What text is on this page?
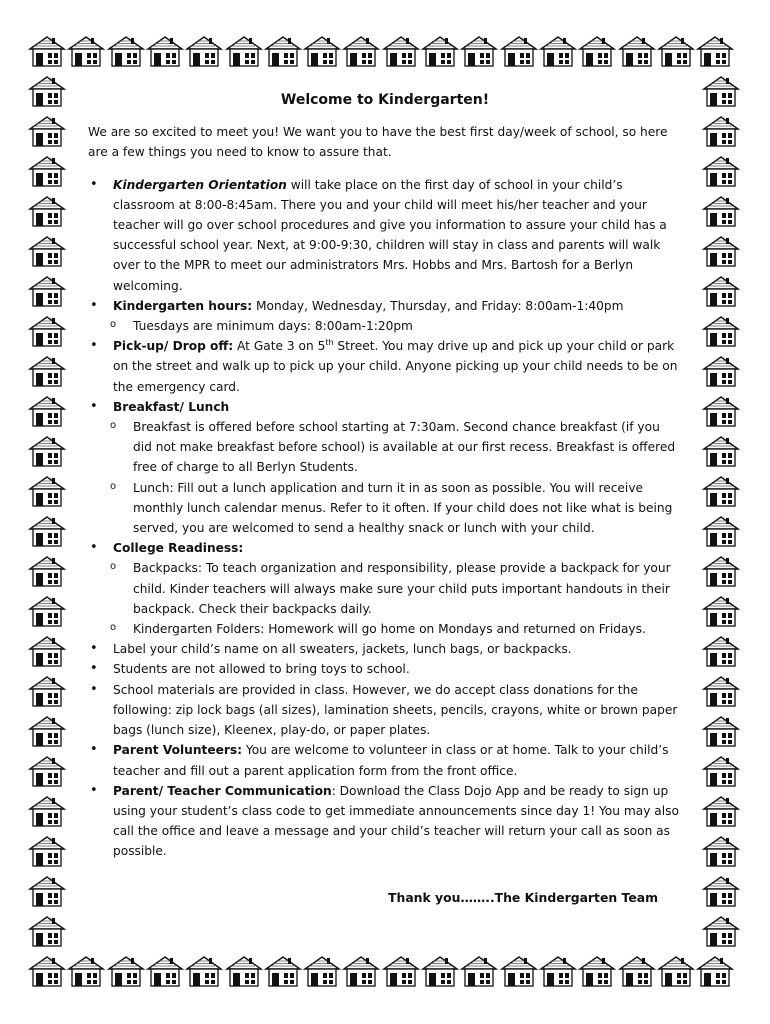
Welcome to Kindergarten!
We are so excited to meet you! We want you to have the best first day/week of school, so here are a few things you need to know to assure that.
• Kindergarten Orientation will take place on the first day of school in your child’s classroom at 8:00-8:45am. There you and your child will meet his/her teacher and your teacher will go over school procedures and give you information to assure your child has a successful school year. Next, at 9:00-9:30, children will stay in class and parents will walk over to the MPR to meet our administrators Mrs. Hobbs and Mrs. Bartosh for a Berlyn welcoming.
• Kindergarten hours: Monday, Wednesday, Thursday, and Friday: 8:00am-1:40pm
o Tuesdays are minimum days: 8:00am-1:20pm
• Pick-up/ Drop off: At Gate 3 on 5th Street. You may drive up and pick up your child or park on the street and walk up to pick up your child. Anyone picking up your child needs to be on the emergency card.
• Breakfast/ Lunch
o Breakfast is offered before school starting at 7:30am. Second chance breakfast (if you did not make breakfast before school) is available at our first recess. Breakfast is offered free of charge to all Berlyn Students.
o Lunch: Fill out a lunch application and turn it in as soon as possible. You will receive monthly lunch calendar menus. Refer to it often. If your child does not like what is being served, you are welcomed to send a healthy snack or lunch with your child.
• College Readiness:
o Backpacks: To teach organization and responsibility, please provide a backpack for your child. Kinder teachers will always make sure your child puts important handouts in their backpack. Check their backpacks daily.
o Kindergarten Folders: Homework will go home on Mondays and returned on Fridays.
• Label your child’s name on all sweaters, jackets, lunch bags, or backpacks.
• Students are not allowed to bring toys to school.
• School materials are provided in class. However, we do accept class donations for the following: zip lock bags (all sizes), lamination sheets, pencils, crayons, white or brown paper bags (lunch size), Kleenex, play-do, or paper plates.
• Parent Volunteers: You are welcome to volunteer in class or at home. Talk to your child’s teacher and fill out a parent application form from the front office.
• Parent/ Teacher Communication: Download the Class Dojo App and be ready to sign up using your student’s class code to get immediate announcements since day 1! You may also call the office and leave a message and your child’s teacher will return your call as soon as possible.
Thank you……..The Kindergarten Team
